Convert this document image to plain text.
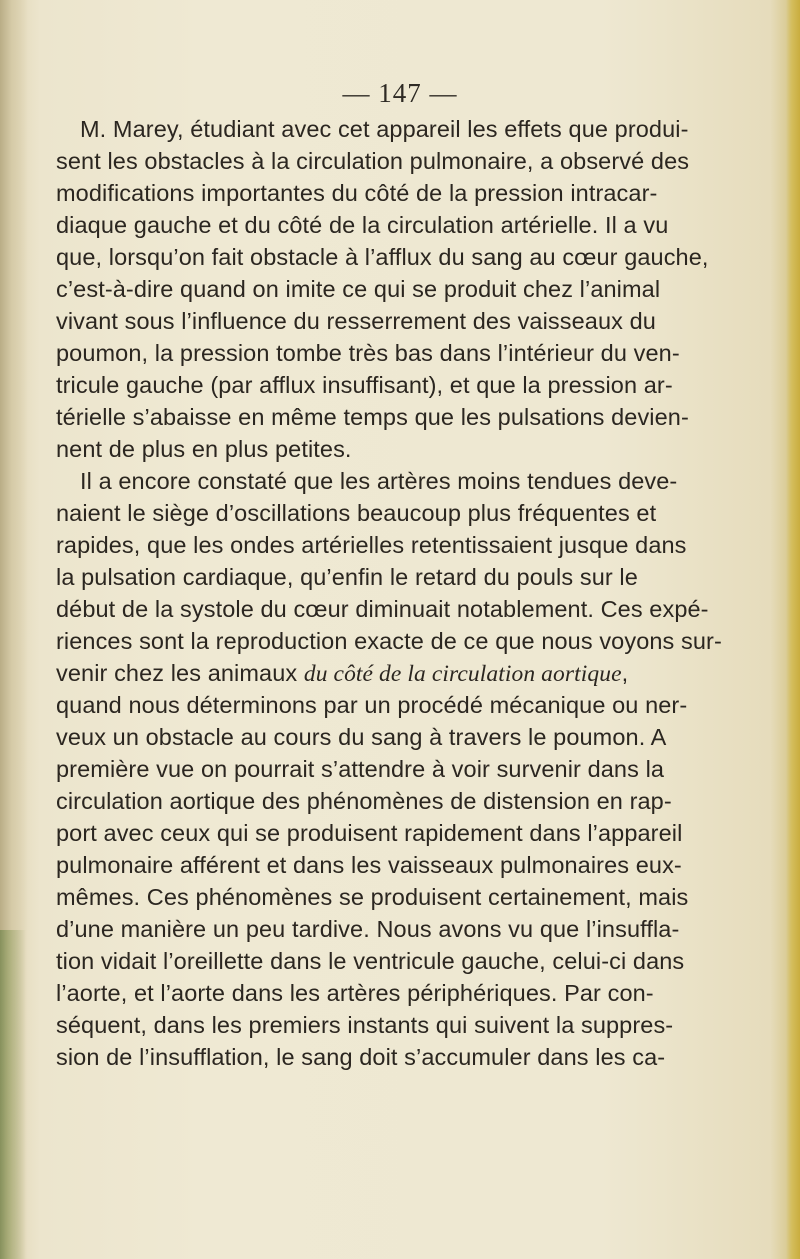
— 147 —
M. Marey, étudiant avec cet appareil les effets que produi-
sent les obstacles à la circulation pulmonaire, a observé des
modifications importantes du côté de la pression intracar-
diaque gauche et du côté de la circulation artérielle. Il a vu
que, lorsqu’on fait obstacle à l’afflux du sang au cœur gauche,
c’est-à-dire quand on imite ce qui se produit chez l’animal
vivant sous l’influence du resserrement des vaisseaux du
poumon, la pression tombe très bas dans l’intérieur du ven-
tricule gauche (par afflux insuffisant), et que la pression ar-
térielle s’abaisse en même temps que les pulsations devien-
nent de plus en plus petites.
Il a encore constaté que les artères moins tendues deve-
naient le siège d’oscillations beaucoup plus fréquentes et
rapides, que les ondes artérielles retentissaient jusque dans
la pulsation cardiaque, qu’enfin le retard du pouls sur le
début de la systole du cœur diminuait notablement. Ces expé-
riences sont la reproduction exacte de ce que nous voyons sur-
venir chez les animaux du côté de la circulation aortique,
quand nous déterminons par un procédé mécanique ou ner-
veux un obstacle au cours du sang à travers le poumon. A
première vue on pourrait s’attendre à voir survenir dans la
circulation aortique des phénomènes de distension en rap-
port avec ceux qui se produisent rapidement dans l’appareil
pulmonaire afférent et dans les vaisseaux pulmonaires eux-
mêmes. Ces phénomènes se produisent certainement, mais
d’une manière un peu tardive. Nous avons vu que l’insuffla-
tion vidait l’oreillette dans le ventricule gauche, celui-ci dans
l’aorte, et l’aorte dans les artères périphériques. Par con-
séquent, dans les premiers instants qui suivent la suppres-
sion de l’insufflation, le sang doit s’accumuler dans les ca-
